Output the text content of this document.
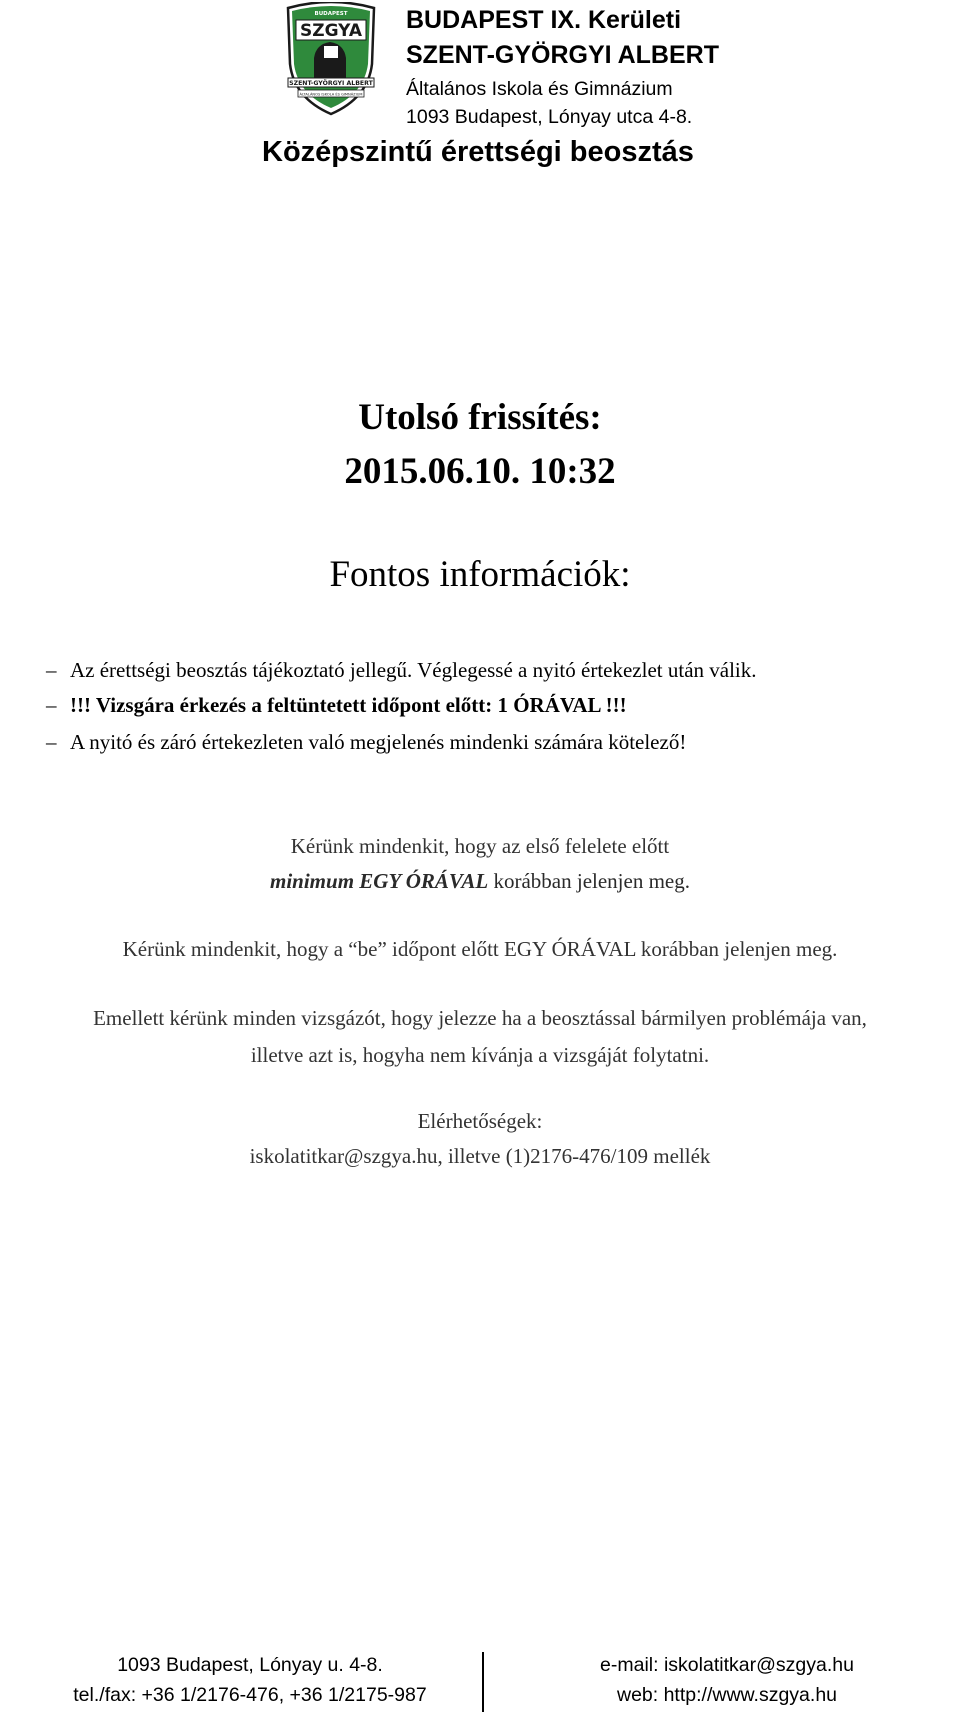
BUDAPEST
SZGYA
SZENT-GYÖRGYI ALBERT
ÁLTALÁNOS ISKOLA ÉS GIMNÁZIUM
BUDAPEST IX. Kerületi
SZENT-GYÖRGYI ALBERT
Általános Iskola és Gimnázium
1093 Budapest, Lónyay utca 4-8.
Középszintű érettségi beosztás
Utolsó frissítés:
2015.06.10. 10:32
Fontos információk:
– Az érettségi beosztás tájékoztató jellegű. Véglegessé a nyitó értekezlet után válik.
– !!! Vizsgára érkezés a feltüntetett időpont előtt: 1 ÓRÁVAL !!!
– A nyitó és záró értekezleten való megjelenés mindenki számára kötelező!
Kérünk mindenkit, hogy az első felelete előtt
minimum EGY ÓRÁVAL korábban jelenjen meg.
Kérünk mindenkit, hogy a “be” időpont előtt EGY ÓRÁVAL korábban jelenjen meg.
Emellett kérünk minden vizsgázót, hogy jelezze ha a beosztással bármilyen problémája van,
illetve azt is, hogyha nem kívánja a vizsgáját folytatni.
Elérhetőségek:
iskolatitkar@szgya.hu, illetve (1)2176-476/109 mellék
1093 Budapest, Lónyay u. 4-8.
tel./fax: +36 1/2176-476, +36 1/2175-987
e-mail: iskolatitkar@szgya.hu
web: http://www.szgya.hu
